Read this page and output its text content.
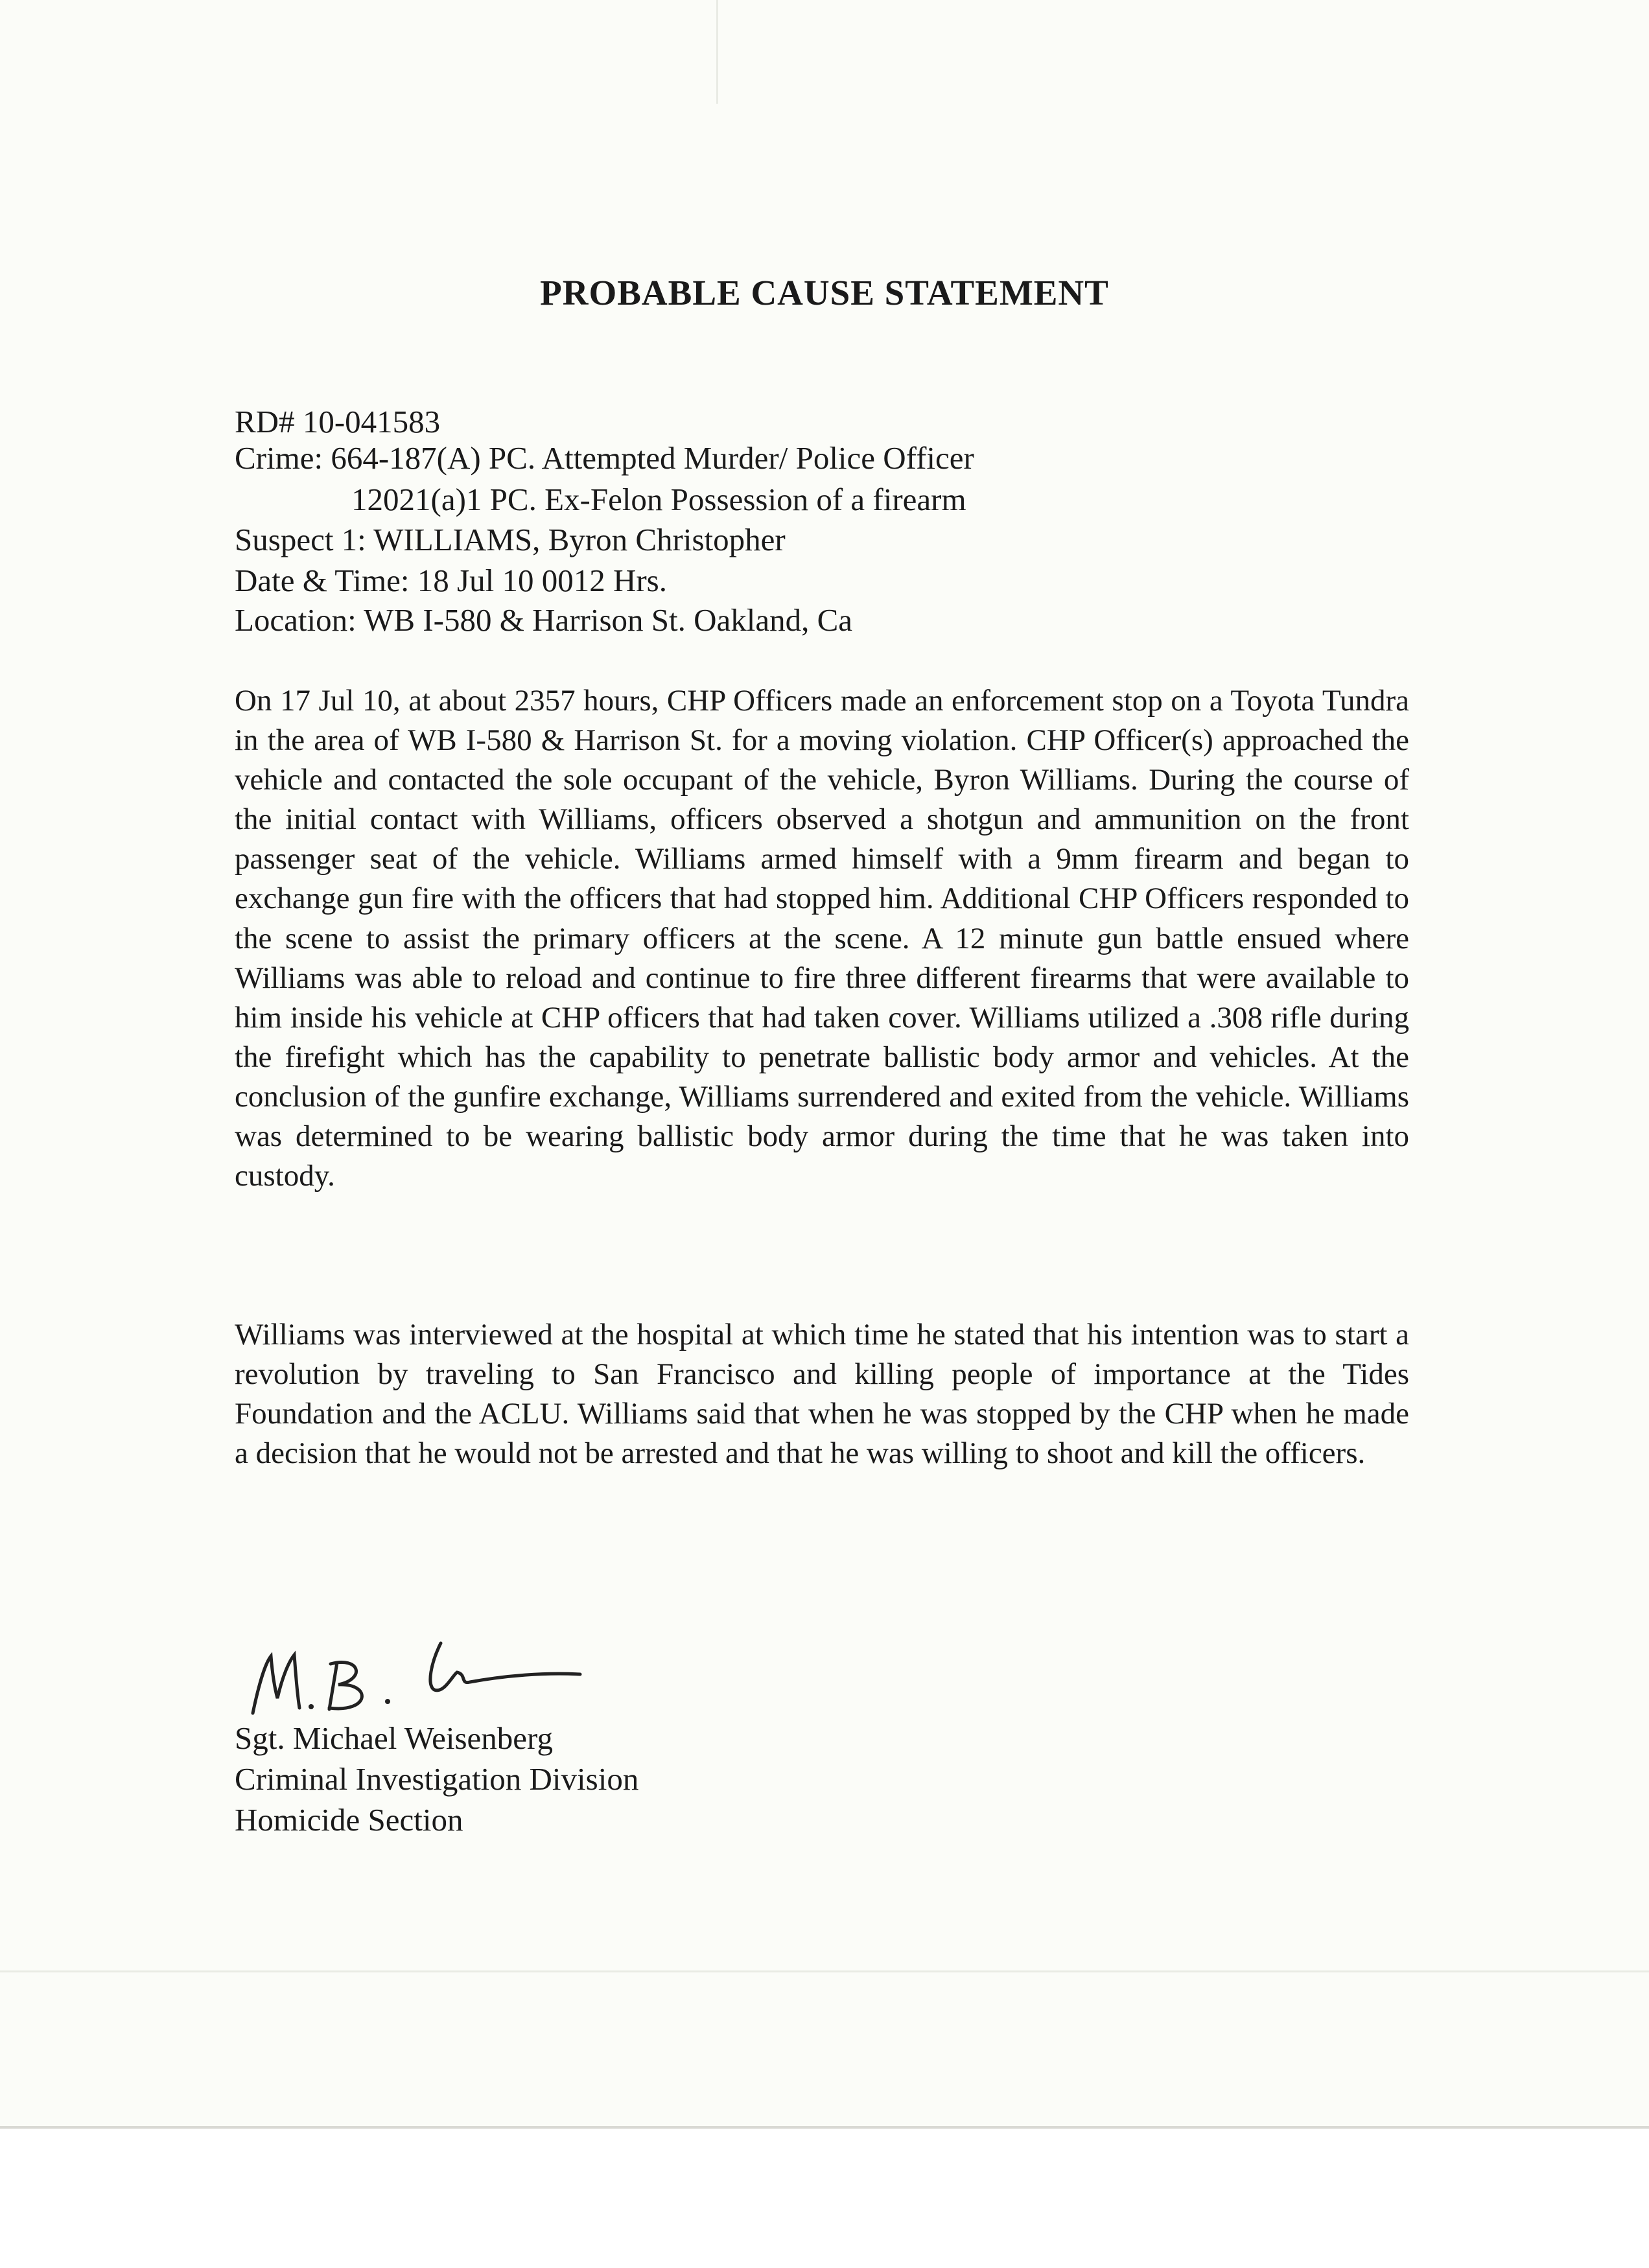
PROBABLE CAUSE STATEMENT
RD# 10-041583
Crime: 664-187(A) PC. Attempted Murder/ Police Officer
12021(a)1 PC. Ex-Felon Possession of a firearm
Suspect 1: WILLIAMS, Byron Christopher
Date & Time: 18 Jul 10 0012 Hrs.
Location: WB I-580 & Harrison St. Oakland, Ca
On 17 Jul 10, at about 2357 hours, CHP Officers made an enforcement stop on a Toyota Tundra in the area of WB I-580 & Harrison St. for a moving violation. CHP Officer(s) approached the vehicle and contacted the sole occupant of the vehicle, Byron Williams. During the course of the initial contact with Williams, officers observed a shotgun and ammunition on the front passenger seat of the vehicle. Williams armed himself with a 9mm firearm and began to exchange gun fire with the officers that had stopped him. Additional CHP Officers responded to the scene to assist the primary officers at the scene. A 12 minute gun battle ensued where Williams was able to reload and continue to fire three different firearms that were available to him inside his vehicle at CHP officers that had taken cover. Williams utilized a .308 rifle during the firefight which has the capability to penetrate ballistic body armor and vehicles. At the conclusion of the gunfire exchange, Williams surrendered and exited from the vehicle. Williams was determined to be wearing ballistic body armor during the time that he was taken into custody.
Williams was interviewed at the hospital at which time he stated that his intention was to start a revolution by traveling to San Francisco and killing people of importance at the Tides Foundation and the ACLU. Williams said that when he was stopped by the CHP when he made a decision that he would not be arrested and that he was willing to shoot and kill the officers.
Sgt. Michael Weisenberg
Criminal Investigation Division
Homicide Section
